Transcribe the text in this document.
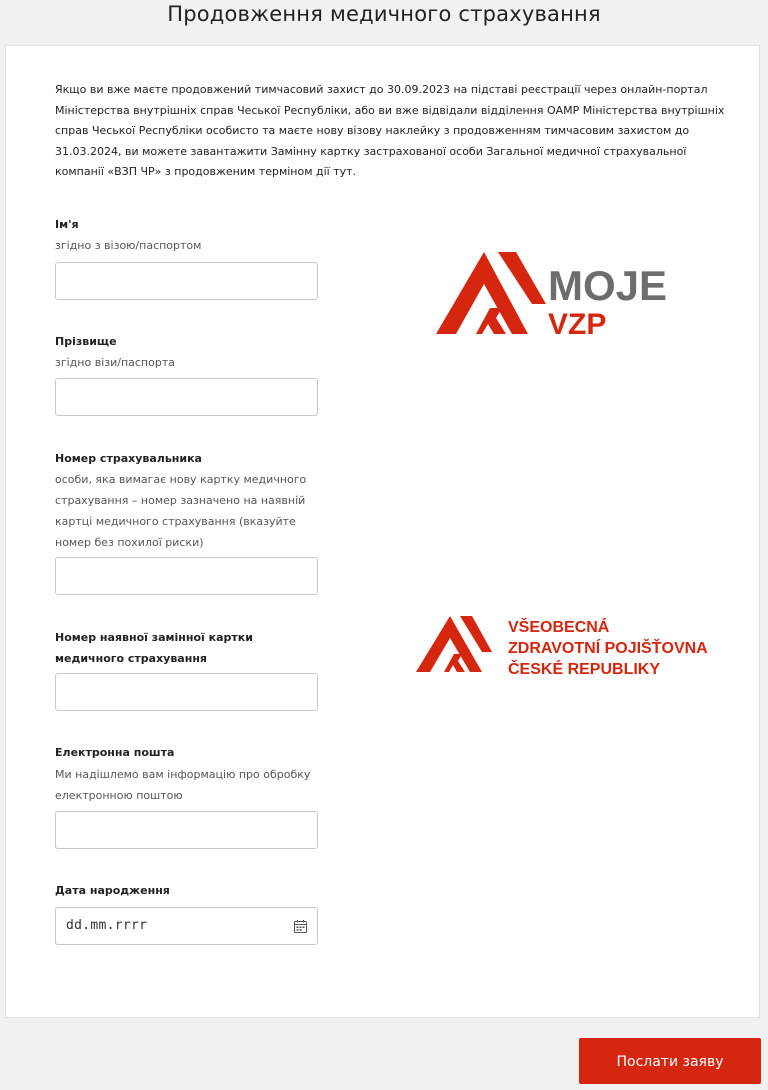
Продовження медичного страхування
Якщо ви вже маєте продовжений тимчасовий захист до 30.09.2023 на підставі реєстрації через онлайн-портал Міністерства внутрішніх справ Чеської Республіки, або ви вже відвідали відділення ОАМР Міністерства внутрішніх справ Чеської Республіки особисто та маєте нову візову наклейку з продовженням тимчасовим захистом до 31.03.2024, ви можете завантажити Замінну картку застрахованої особи Загальної медичної страхувальної компанії «ВЗП ЧР» з продовженим терміном дії тут.
Ім'я
згідно з візою/паспортом
Прізвище
згідно візи/паспорта
Номер страхувальника
особи, яка вимагає нову картку медичного страхування – номер зазначено на наявній картці медичного страхування (вказуйте номер без похилої риски)
Номер наявної замінної картки медичного страхування
Електронна пошта
Ми надішлемо вам інформацію про обробку електронною поштою
Дата народження
dd.mm.rrrr
MOJE
VZP
VŠEOBECNÁ
ZDRAVOTNÍ POJIŠŤOVNA
ČESKÉ REPUBLIKY
Послати заяву
